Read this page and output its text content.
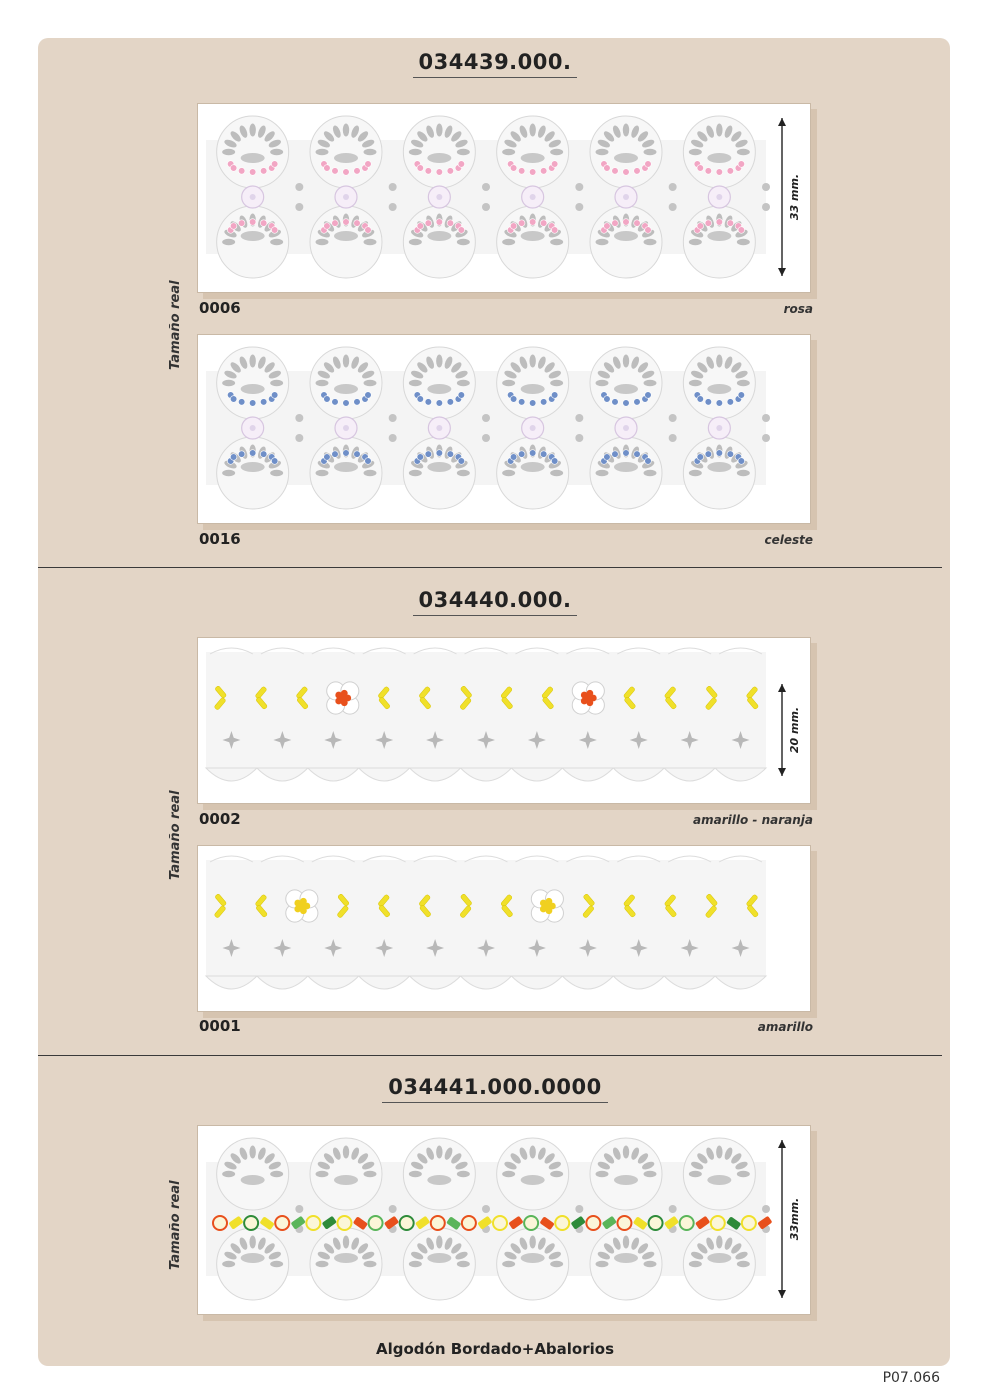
034439.000.
Tamaño real
33 mm.
0006	rosa
0016	celeste
034440.000.
Tamaño real
20 mm.
0002	amarillo - naranja
0001	amarillo
034441.000.0000
Tamaño real	33mm.
Algodón Bordado+Abalorios
P07.066
